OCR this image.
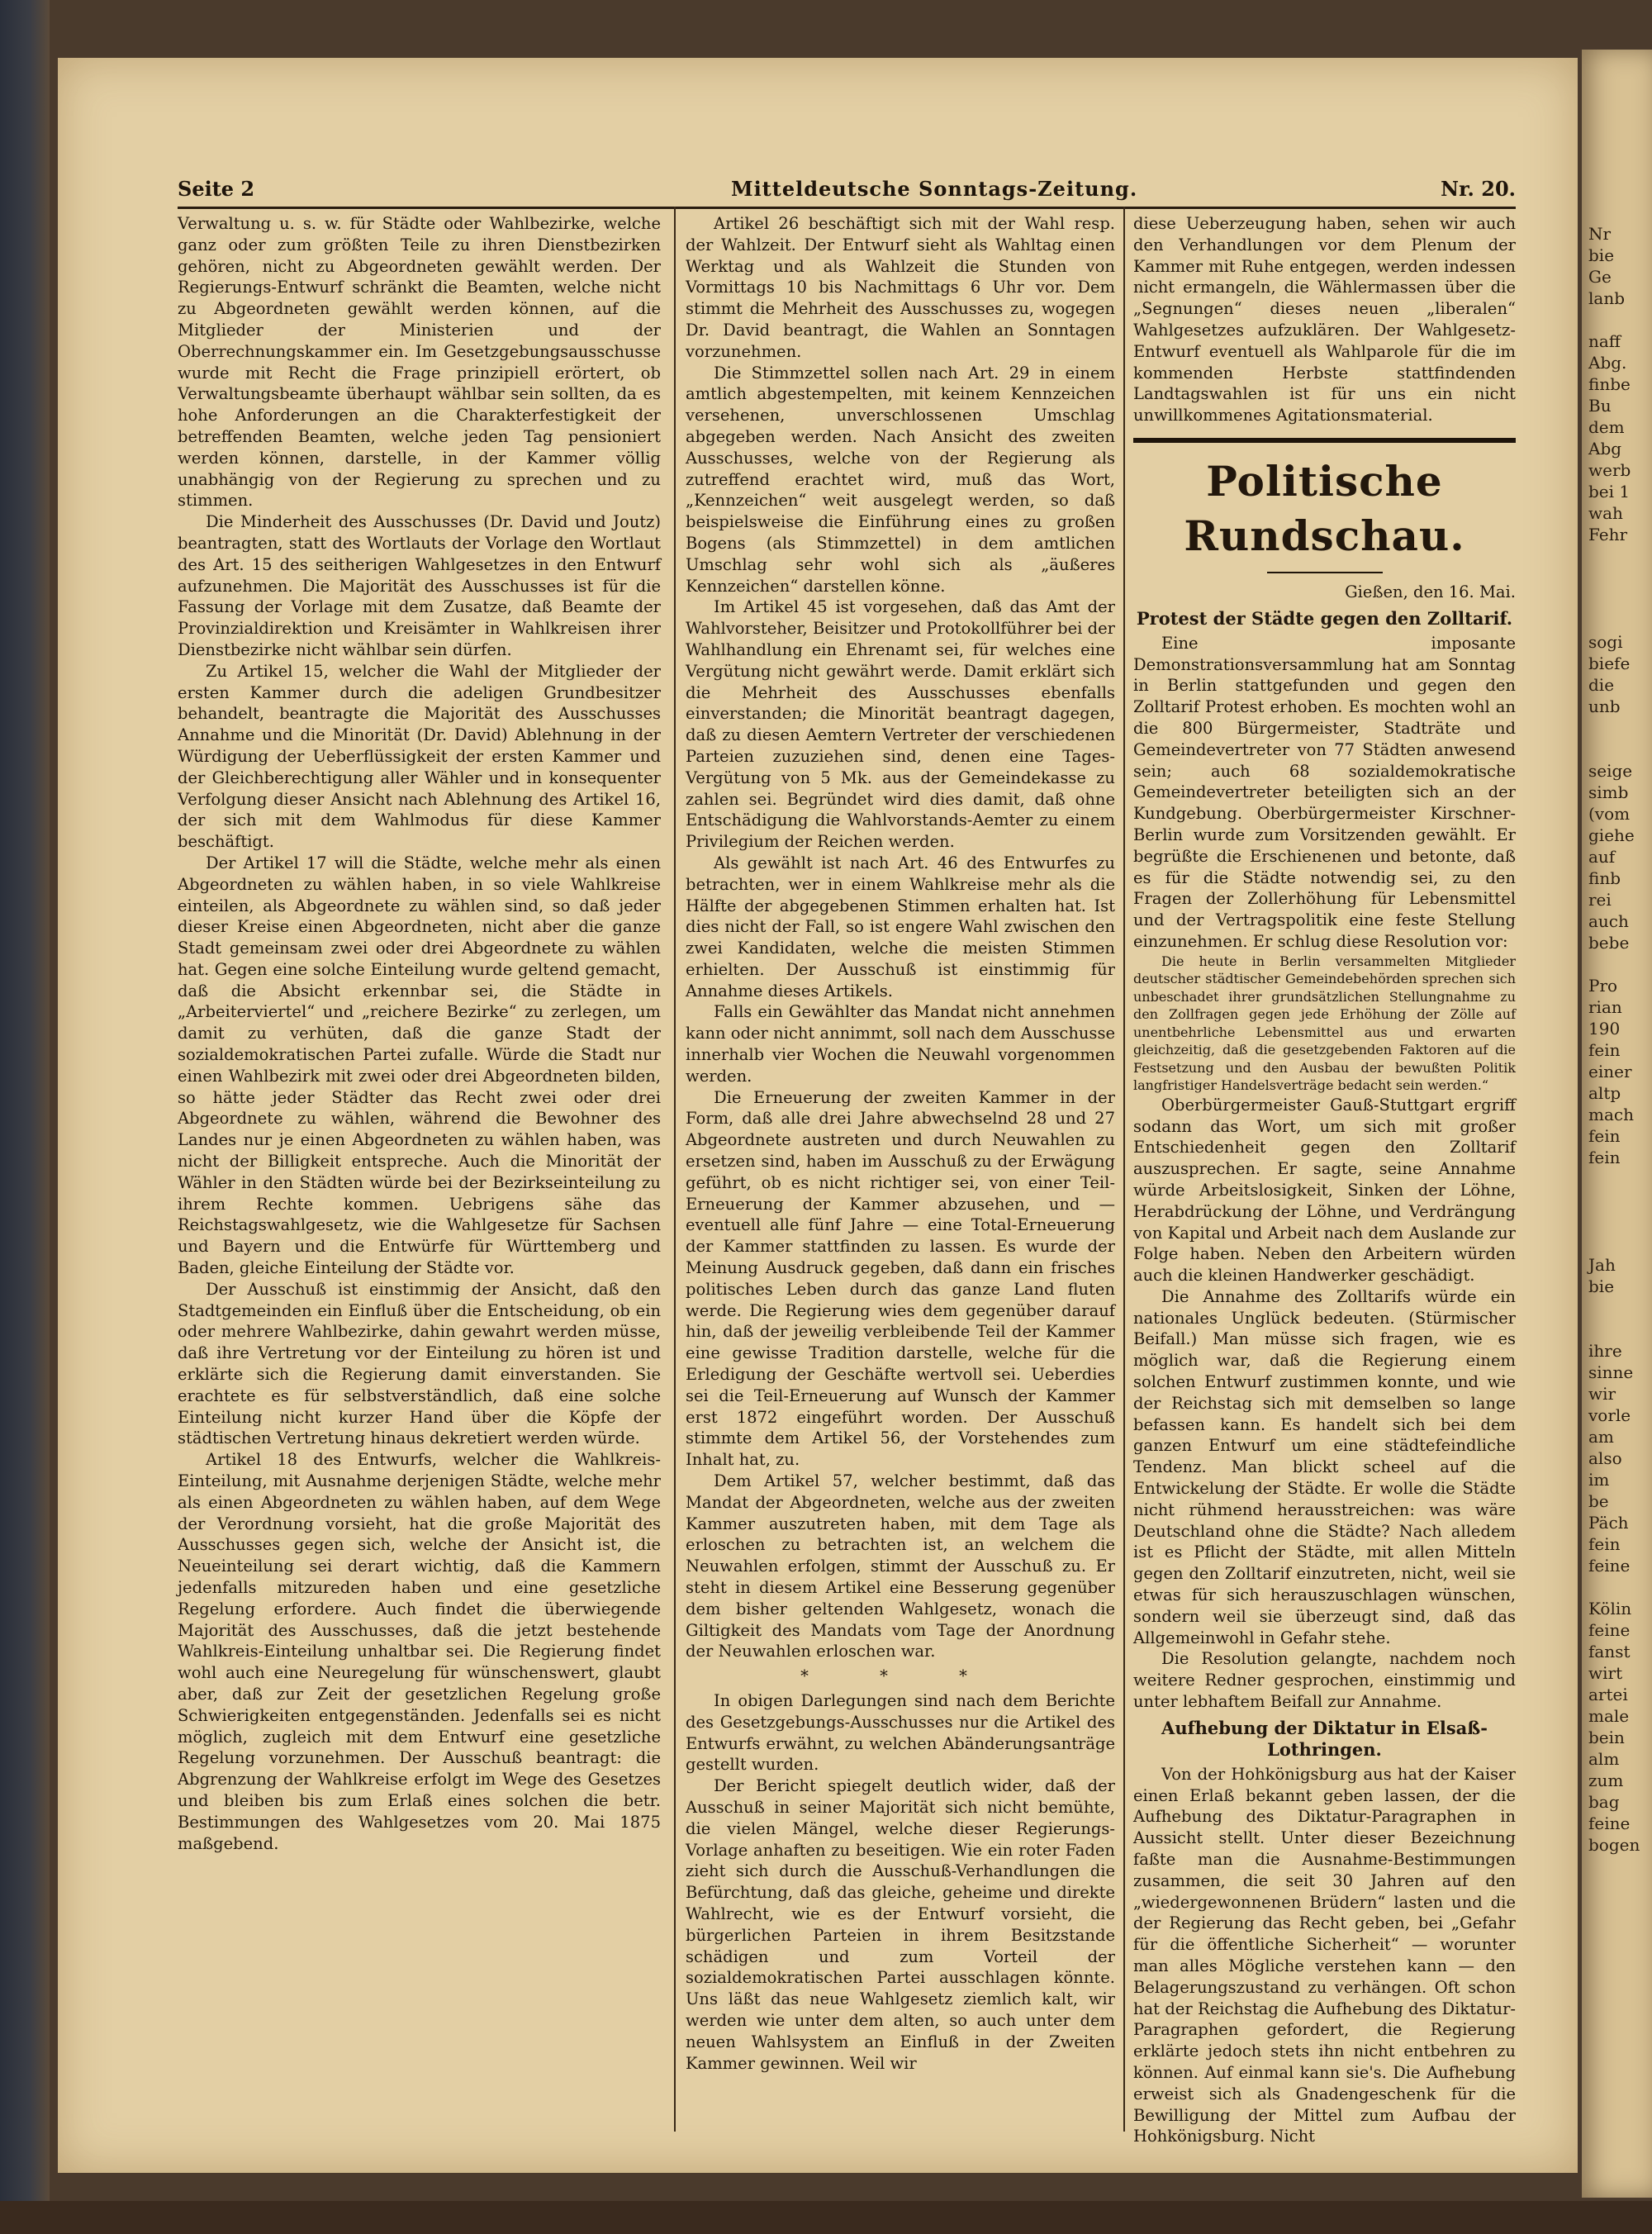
Nr
bie
Ge
lanb

naff
Abg.
finbe
Bu
dem
Abg
werb
bei 1
wah
Fehr

sogi
biefe
die
unb

seige
simb
(vom
giehe
auf
finb
rei
auch
bebe

Pro
rian
190
fein
einer
altp
mach
fein
fein

Jah
bie

ihre
sinne
wir
vorle
am
also
im
be
Päch
fein
feine

Kölin
feine
fanst
wirt
artei
male
bein
alm
zum
bag
feine
bogen
Seite 2	Mitteldeutsche Sonntags-Zeitung.	Nr. 20.

Verwaltung u. s. w. für Städte oder Wahlbezirke, welche ganz oder zum größten Teile zu ihren Dienstbezirken gehören, nicht zu Abgeordneten gewählt werden. Der Regierungs-Entwurf schränkt die Beamten, welche nicht zu Abgeordneten gewählt werden können, auf die Mitglieder der Ministerien und der Oberrechnungskammer ein. Im Gesetzgebungsausschusse wurde mit Recht die Frage prinzipiell erörtert, ob Verwaltungsbeamte überhaupt wählbar sein sollten, da es hohe Anforderungen an die Charakterfestigkeit der betreffenden Beamten, welche jeden Tag pensioniert werden können, darstelle, in der Kammer völlig unabhängig von der Regierung zu sprechen und zu stimmen.

Die Minderheit des Ausschusses (Dr. David und Joutz) beantragten, statt des Wortlauts der Vorlage den Wortlaut des Art. 15 des seitherigen Wahlgesetzes in den Entwurf aufzunehmen. Die Majorität des Ausschusses ist für die Fassung der Vorlage mit dem Zusatze, daß Beamte der Provinzialdirektion und Kreisämter in Wahlkreisen ihrer Dienstbezirke nicht wählbar sein dürfen.

Zu Artikel 15, welcher die Wahl der Mitglieder der ersten Kammer durch die adeligen Grundbesitzer behandelt, beantragte die Majorität des Ausschusses Annahme und die Minorität (Dr. David) Ablehnung in der Würdigung der Ueberflüssigkeit der ersten Kammer und der Gleichberechtigung aller Wähler und in konsequenter Verfolgung dieser Ansicht nach Ablehnung des Artikel 16, der sich mit dem Wahlmodus für diese Kammer beschäftigt.

Der Artikel 17 will die Städte, welche mehr als einen Abgeordneten zu wählen haben, in so viele Wahlkreise einteilen, als Abgeordnete zu wählen sind, so daß jeder dieser Kreise einen Abgeordneten, nicht aber die ganze Stadt gemeinsam zwei oder drei Abgeordnete zu wählen hat. Gegen eine solche Einteilung wurde geltend gemacht, daß die Absicht erkennbar sei, die Städte in „Arbeiterviertel“ und „reichere Bezirke“ zu zerlegen, um damit zu verhüten, daß die ganze Stadt der sozialdemokratischen Partei zufalle. Würde die Stadt nur einen Wahlbezirk mit zwei oder drei Abgeordneten bilden, so hätte jeder Städter das Recht zwei oder drei Abgeordnete zu wählen, während die Bewohner des Landes nur je einen Abgeordneten zu wählen haben, was nicht der Billigkeit entspreche. Auch die Minorität der Wähler in den Städten würde bei der Bezirkseinteilung zu ihrem Rechte kommen. Uebrigens sähe das Reichstagswahlgesetz, wie die Wahlgesetze für Sachsen und Bayern und die Entwürfe für Württemberg und Baden, gleiche Einteilung der Städte vor.

Der Ausschuß ist einstimmig der Ansicht, daß den Stadtgemeinden ein Einfluß über die Entscheidung, ob ein oder mehrere Wahlbezirke, dahin gewahrt werden müsse, daß ihre Vertretung vor der Einteilung zu hören ist und erklärte sich die Regierung damit einverstanden. Sie erachtete es für selbstverständlich, daß eine solche Einteilung nicht kurzer Hand über die Köpfe der städtischen Vertretung hinaus dekretiert werden würde.

Artikel 18 des Entwurfs, welcher die Wahlkreis-Einteilung, mit Ausnahme derjenigen Städte, welche mehr als einen Abgeordneten zu wählen haben, auf dem Wege der Verordnung vorsieht, hat die große Majorität des Ausschusses gegen sich, welche der Ansicht ist, die Neueinteilung sei derart wichtig, daß die Kammern jedenfalls mitzureden haben und eine gesetzliche Regelung erfordere. Auch findet die überwiegende Majorität des Ausschusses, daß die jetzt bestehende Wahlkreis-Einteilung unhaltbar sei. Die Regierung findet wohl auch eine Neuregelung für wünschenswert, glaubt aber, daß zur Zeit der gesetzlichen Regelung große Schwierigkeiten entgegenständen. Jedenfalls sei es nicht möglich, zugleich mit dem Entwurf eine gesetzliche Regelung vorzunehmen. Der Ausschuß beantragt: die Abgrenzung der Wahlkreise erfolgt im Wege des Gesetzes und bleiben bis zum Erlaß eines solchen die betr. Bestimmungen des Wahlgesetzes vom 20. Mai 1875 maßgebend.

Artikel 26 beschäftigt sich mit der Wahl resp. der Wahlzeit. Der Entwurf sieht als Wahltag einen Werktag und als Wahlzeit die Stunden von Vormittags 10 bis Nachmittags 6 Uhr vor. Dem stimmt die Mehrheit des Ausschusses zu, wogegen Dr. David beantragt, die Wahlen an Sonntagen vorzunehmen.

Die Stimmzettel sollen nach Art. 29 in einem amtlich abgestempelten, mit keinem Kennzeichen versehenen, unverschlossenen Umschlag abgegeben werden. Nach Ansicht des zweiten Ausschusses, welche von der Regierung als zutreffend erachtet wird, muß das Wort, „Kennzeichen“ weit ausgelegt werden, so daß beispielsweise die Einführung eines zu großen Bogens (als Stimmzettel) in dem amtlichen Umschlag sehr wohl sich als „äußeres Kennzeichen“ darstellen könne.

Im Artikel 45 ist vorgesehen, daß das Amt der Wahlvorsteher, Beisitzer und Protokollführer bei der Wahlhandlung ein Ehrenamt sei, für welches eine Vergütung nicht gewährt werde. Damit erklärt sich die Mehrheit des Ausschusses ebenfalls einverstanden; die Minorität beantragt dagegen, daß zu diesen Aemtern Vertreter der verschiedenen Parteien zuzuziehen sind, denen eine Tages-Vergütung von 5 Mk. aus der Gemeindekasse zu zahlen sei. Begründet wird dies damit, daß ohne Entschädigung die Wahlvorstands-Aemter zu einem Privilegium der Reichen werden.

Als gewählt ist nach Art. 46 des Entwurfes zu betrachten, wer in einem Wahlkreise mehr als die Hälfte der abgegebenen Stimmen erhalten hat. Ist dies nicht der Fall, so ist engere Wahl zwischen den zwei Kandidaten, welche die meisten Stimmen erhielten. Der Ausschuß ist einstimmig für Annahme dieses Artikels.

Falls ein Gewählter das Mandat nicht annehmen kann oder nicht annimmt, soll nach dem Ausschusse innerhalb vier Wochen die Neuwahl vorgenommen werden.

Die Erneuerung der zweiten Kammer in der Form, daß alle drei Jahre abwechselnd 28 und 27 Abgeordnete austreten und durch Neuwahlen zu ersetzen sind, haben im Ausschuß zu der Erwägung geführt, ob es nicht richtiger sei, von einer Teil-Erneuerung der Kammer abzusehen, und — eventuell alle fünf Jahre — eine Total-Erneuerung der Kammer stattfinden zu lassen. Es wurde der Meinung Ausdruck gegeben, daß dann ein frisches politisches Leben durch das ganze Land fluten werde. Die Regierung wies dem gegenüber darauf hin, daß der jeweilig verbleibende Teil der Kammer eine gewisse Tradition darstelle, welche für die Erledigung der Geschäfte wertvoll sei. Ueberdies sei die Teil-Erneuerung auf Wunsch der Kammer erst 1872 eingeführt worden. Der Ausschuß stimmte dem Artikel 56, der Vorstehendes zum Inhalt hat, zu.

Dem Artikel 57, welcher bestimmt, daß das Mandat der Abgeordneten, welche aus der zweiten Kammer auszutreten haben, mit dem Tage als erloschen zu betrachten ist, an welchem die Neuwahlen erfolgen, stimmt der Ausschuß zu. Er steht in diesem Artikel eine Besserung gegenüber dem bisher geltenden Wahlgesetz, wonach die Giltigkeit des Mandats vom Tage der Anordnung der Neuwahlen erloschen war.

* * *

In obigen Darlegungen sind nach dem Berichte des Gesetzgebungs-Ausschusses nur die Artikel des Entwurfs erwähnt, zu welchen Abänderungsanträge gestellt wurden.

Der Bericht spiegelt deutlich wider, daß der Ausschuß in seiner Majorität sich nicht bemühte, die vielen Mängel, welche dieser Regierungs-Vorlage anhaften zu beseitigen. Wie ein roter Faden zieht sich durch die Ausschuß-Verhandlungen die Befürchtung, daß das gleiche, geheime und direkte Wahlrecht, wie es der Entwurf vorsieht, die bürgerlichen Parteien in ihrem Besitzstande schädigen und zum Vorteil der sozialdemokratischen Partei ausschlagen könnte. Uns läßt das neue Wahlgesetz ziemlich kalt, wir werden wie unter dem alten, so auch unter dem neuen Wahlsystem an Einfluß in der Zweiten Kammer gewinnen. Weil wir

diese Ueberzeugung haben, sehen wir auch den Verhandlungen vor dem Plenum der Kammer mit Ruhe entgegen, werden indessen nicht ermangeln, die Wählermassen über die „Segnungen“ dieses neuen „liberalen“ Wahlgesetzes aufzuklären. Der Wahlgesetz-Entwurf eventuell als Wahlparole für die im kommenden Herbste stattfindenden Landtagswahlen ist für uns ein nicht unwillkommenes Agitationsmaterial.

Politische Rundschau.
Gießen, den 16. Mai.
Protest der Städte gegen den Zolltarif.

Eine imposante Demonstrationsversammlung hat am Sonntag in Berlin stattgefunden und gegen den Zolltarif Protest erhoben. Es mochten wohl an die 800 Bürgermeister, Stadträte und Gemeindevertreter von 77 Städten anwesend sein; auch 68 sozialdemokratische Gemeindevertreter beteiligten sich an der Kundgebung. Oberbürgermeister Kirschner-Berlin wurde zum Vorsitzenden gewählt. Er begrüßte die Erschienenen und betonte, daß es für die Städte notwendig sei, zu den Fragen der Zollerhöhung für Lebensmittel und der Vertragspolitik eine feste Stellung einzunehmen. Er schlug diese Resolution vor:

Die heute in Berlin versammelten Mitglieder deutscher städtischer Gemeindebehörden sprechen sich unbeschadet ihrer grundsätzlichen Stellungnahme zu den Zollfragen gegen jede Erhöhung der Zölle auf unentbehrliche Lebensmittel aus und erwarten gleichzeitig, daß die gesetzgebenden Faktoren auf die Festsetzung und den Ausbau der bewußten Politik langfristiger Handelsverträge bedacht sein werden.“

Oberbürgermeister Gauß-Stuttgart ergriff sodann das Wort, um sich mit großer Entschiedenheit gegen den Zolltarif auszusprechen. Er sagte, seine Annahme würde Arbeitslosigkeit, Sinken der Löhne, Herabdrückung der Löhne, und Verdrängung von Kapital und Arbeit nach dem Auslande zur Folge haben. Neben den Arbeitern würden auch die kleinen Handwerker geschädigt.

Die Annahme des Zolltarifs würde ein nationales Unglück bedeuten. (Stürmischer Beifall.) Man müsse sich fragen, wie es möglich war, daß die Regierung einem solchen Entwurf zustimmen konnte, und wie der Reichstag sich mit demselben so lange befassen kann. Es handelt sich bei dem ganzen Entwurf um eine städtefeindliche Tendenz. Man blickt scheel auf die Entwickelung der Städte. Er wolle die Städte nicht rühmend herausstreichen: was wäre Deutschland ohne die Städte? Nach alledem ist es Pflicht der Städte, mit allen Mitteln gegen den Zolltarif einzutreten, nicht, weil sie etwas für sich herauszuschlagen wünschen, sondern weil sie überzeugt sind, daß das Allgemeinwohl in Gefahr stehe.

Die Resolution gelangte, nachdem noch weitere Redner gesprochen, einstimmig und unter lebhaftem Beifall zur Annahme.

Aufhebung der Diktatur in Elsaß-Lothringen.

Von der Hohkönigsburg aus hat der Kaiser einen Erlaß bekannt geben lassen, der die Aufhebung des Diktatur-Paragraphen in Aussicht stellt. Unter dieser Bezeichnung faßte man die Ausnahme-Bestimmungen zusammen, die seit 30 Jahren auf den „wiedergewonnenen Brüdern“ lasten und die der Regierung das Recht geben, bei „Gefahr für die öffentliche Sicherheit“ — worunter man alles Mögliche verstehen kann — den Belagerungszustand zu verhängen. Oft schon hat der Reichstag die Aufhebung des Diktatur-Paragraphen gefordert, die Regierung erklärte jedoch stets ihn nicht entbehren zu können. Auf einmal kann sie's. Die Aufhebung erweist sich als Gnadengeschenk für die Bewilligung der Mittel zum Aufbau der Hohkönigsburg. Nicht
